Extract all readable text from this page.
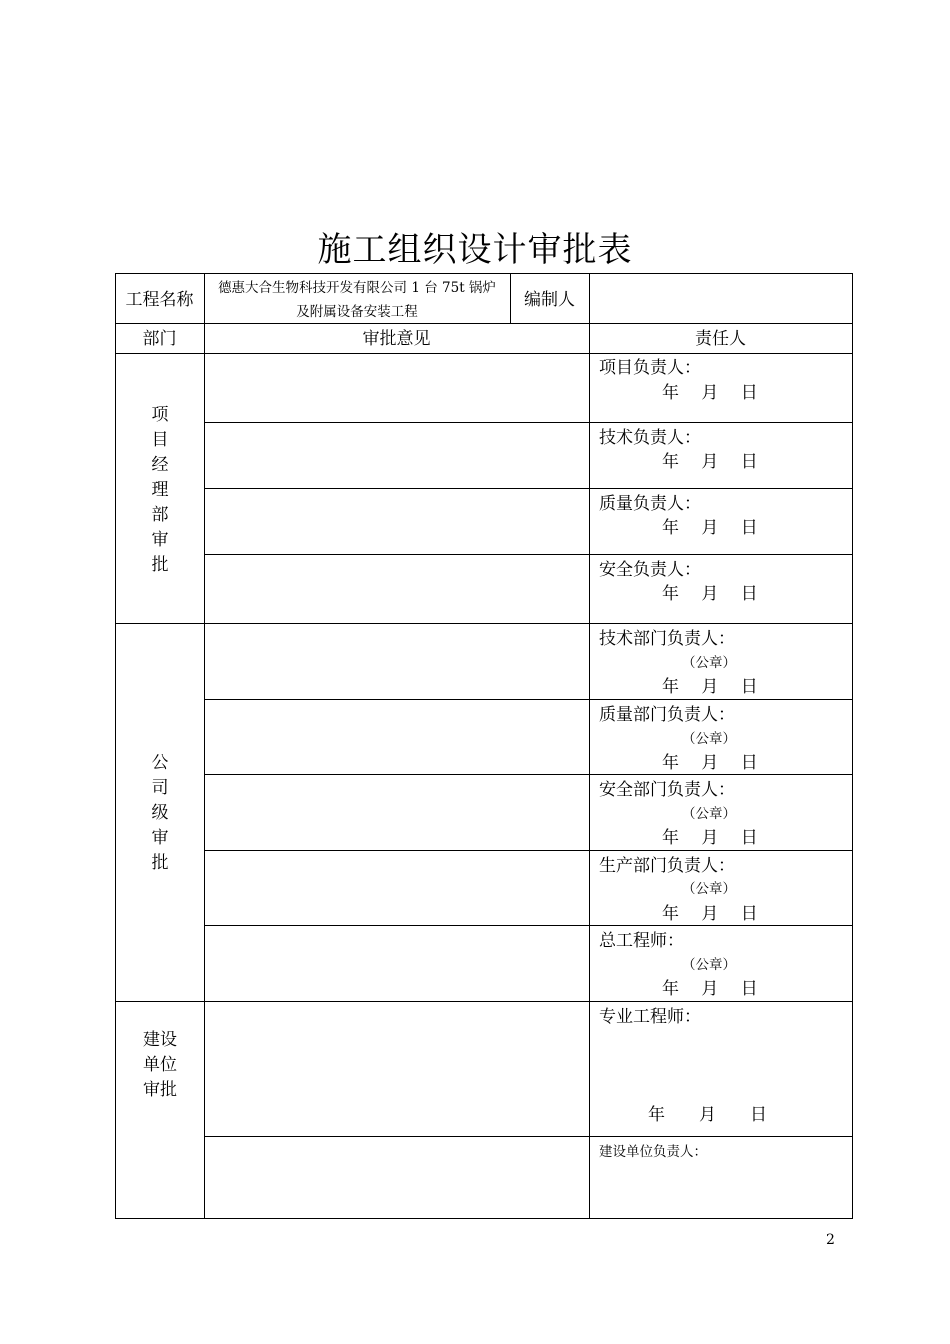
施工组织设计审批表
工程名称
德惠大合生物科技开发有限公司 1 台 75t 锅炉
及附属设备安装工程
编制人
部门	审批意见	责任人
项
目
经
理
部
审
批
项目负责人：
年　 月　 日
技术负责人：
年　 月　 日
质量负责人：
年　 月　 日
安全负责人：
年　 月　 日
公
司
级
审
批
技术部门负责人：
（公章）
年　 月　 日
质量部门负责人：
（公章）
年　 月　 日
安全部门负责人：
（公章）
年　 月　 日
生产部门负责人：
（公章）
年　 月　 日
总工程师：
（公章）
年　 月　 日
建设
单位
审批
专业工程师：
年　　月　　日
建设单位负责人：
2
